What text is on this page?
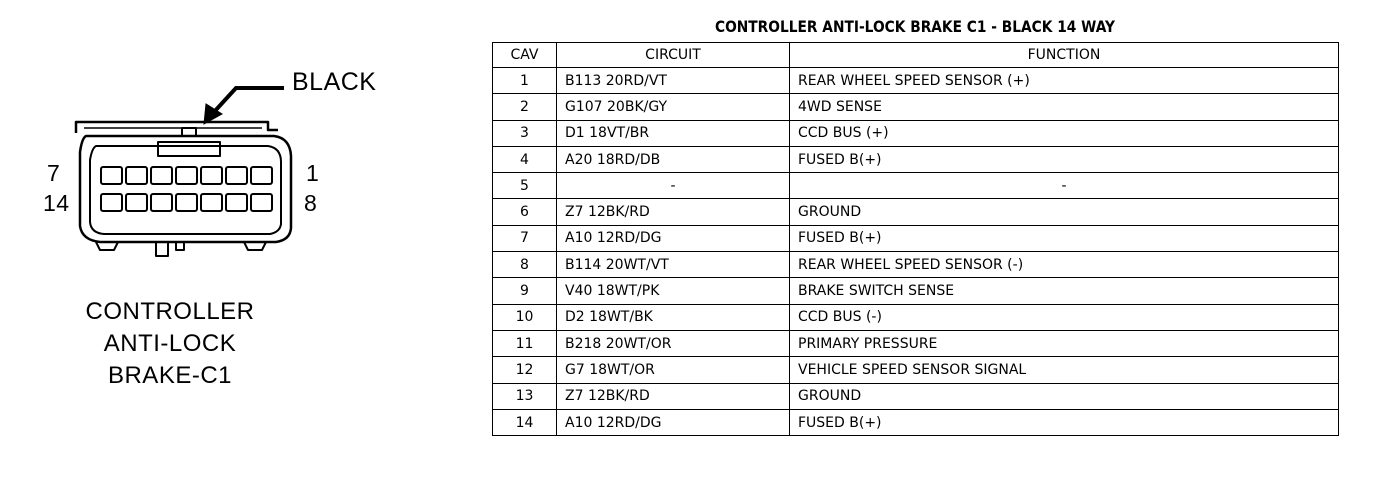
BLACK
7
14
1
8
CONTROLLER
ANTI-LOCK
BRAKE-C1
CONTROLLER ANTI-LOCK BRAKE C1 - BLACK 14 WAY
CAV	CIRCUIT	FUNCTION
1	B113 20RD/VT	REAR WHEEL SPEED SENSOR (+)
2	G107 20BK/GY	4WD SENSE
3	D1 18VT/BR	CCD BUS (+)
4	A20 18RD/DB	FUSED B(+)
5	-	-
6	Z7 12BK/RD	GROUND
7	A10 12RD/DG	FUSED B(+)
8	B114 20WT/VT	REAR WHEEL SPEED SENSOR (-)
9	V40 18WT/PK	BRAKE SWITCH SENSE
10	D2 18WT/BK	CCD BUS (-)
11	B218 20WT/OR	PRIMARY PRESSURE
12	G7 18WT/OR	VEHICLE SPEED SENSOR SIGNAL
13	Z7 12BK/RD	GROUND
14	A10 12RD/DG	FUSED B(+)
